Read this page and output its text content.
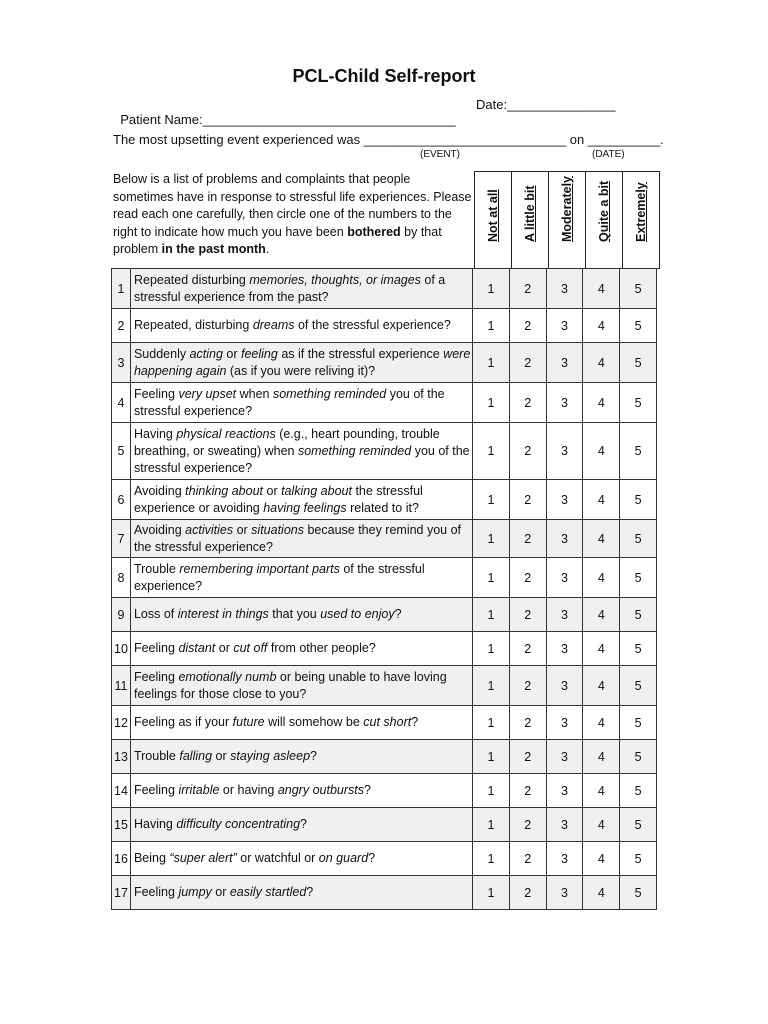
PCL-Child Self-report

Patient Name:___________________________________

Date:_______________

The most upsetting event experienced was ____________________________ on __________.
(EVENT)	(DATE)
Below is a list of problems and complaints that people sometimes have in response to stressful life experiences. Please read each one carefully, then circle one of the numbers to the right to indicate how much you have been bothered by that problem in the past month.
Not at all	A little bit	Moderately	Quite a bit	Extremely
1	Repeated disturbing memories, thoughts, or images of a stressful experience from the past?	1	2	3	4	5
2	Repeated, disturbing dreams of the stressful experience?	1	2	3	4	5
3	Suddenly acting or feeling as if the stressful experience were happening again (as if you were reliving it)?	1	2	3	4	5
4	Feeling very upset when something reminded you of the stressful experience?	1	2	3	4	5
5	Having physical reactions (e.g., heart pounding, trouble breathing, or sweating) when something reminded you of the stressful experience?	1	2	3	4	5
6	Avoiding thinking about or talking about the stressful experience or avoiding having feelings related to it?	1	2	3	4	5
7	Avoiding activities or situations because they remind you of the stressful experience?	1	2	3	4	5
8	Trouble remembering important parts of the stressful experience?	1	2	3	4	5
9	Loss of interest in things that you used to enjoy?	1	2	3	4	5
10	Feeling distant or cut off from other people?	1	2	3	4	5
11	Feeling emotionally numb or being unable to have loving feelings for those close to you?	1	2	3	4	5
12	Feeling as if your future will somehow be cut short?	1	2	3	4	5
13	Trouble falling or staying asleep?	1	2	3	4	5
14	Feeling irritable or having angry outbursts?	1	2	3	4	5
15	Having difficulty concentrating?	1	2	3	4	5
16	Being “super alert” or watchful or on guard?	1	2	3	4	5
17	Feeling jumpy or easily startled?	1	2	3	4	5
